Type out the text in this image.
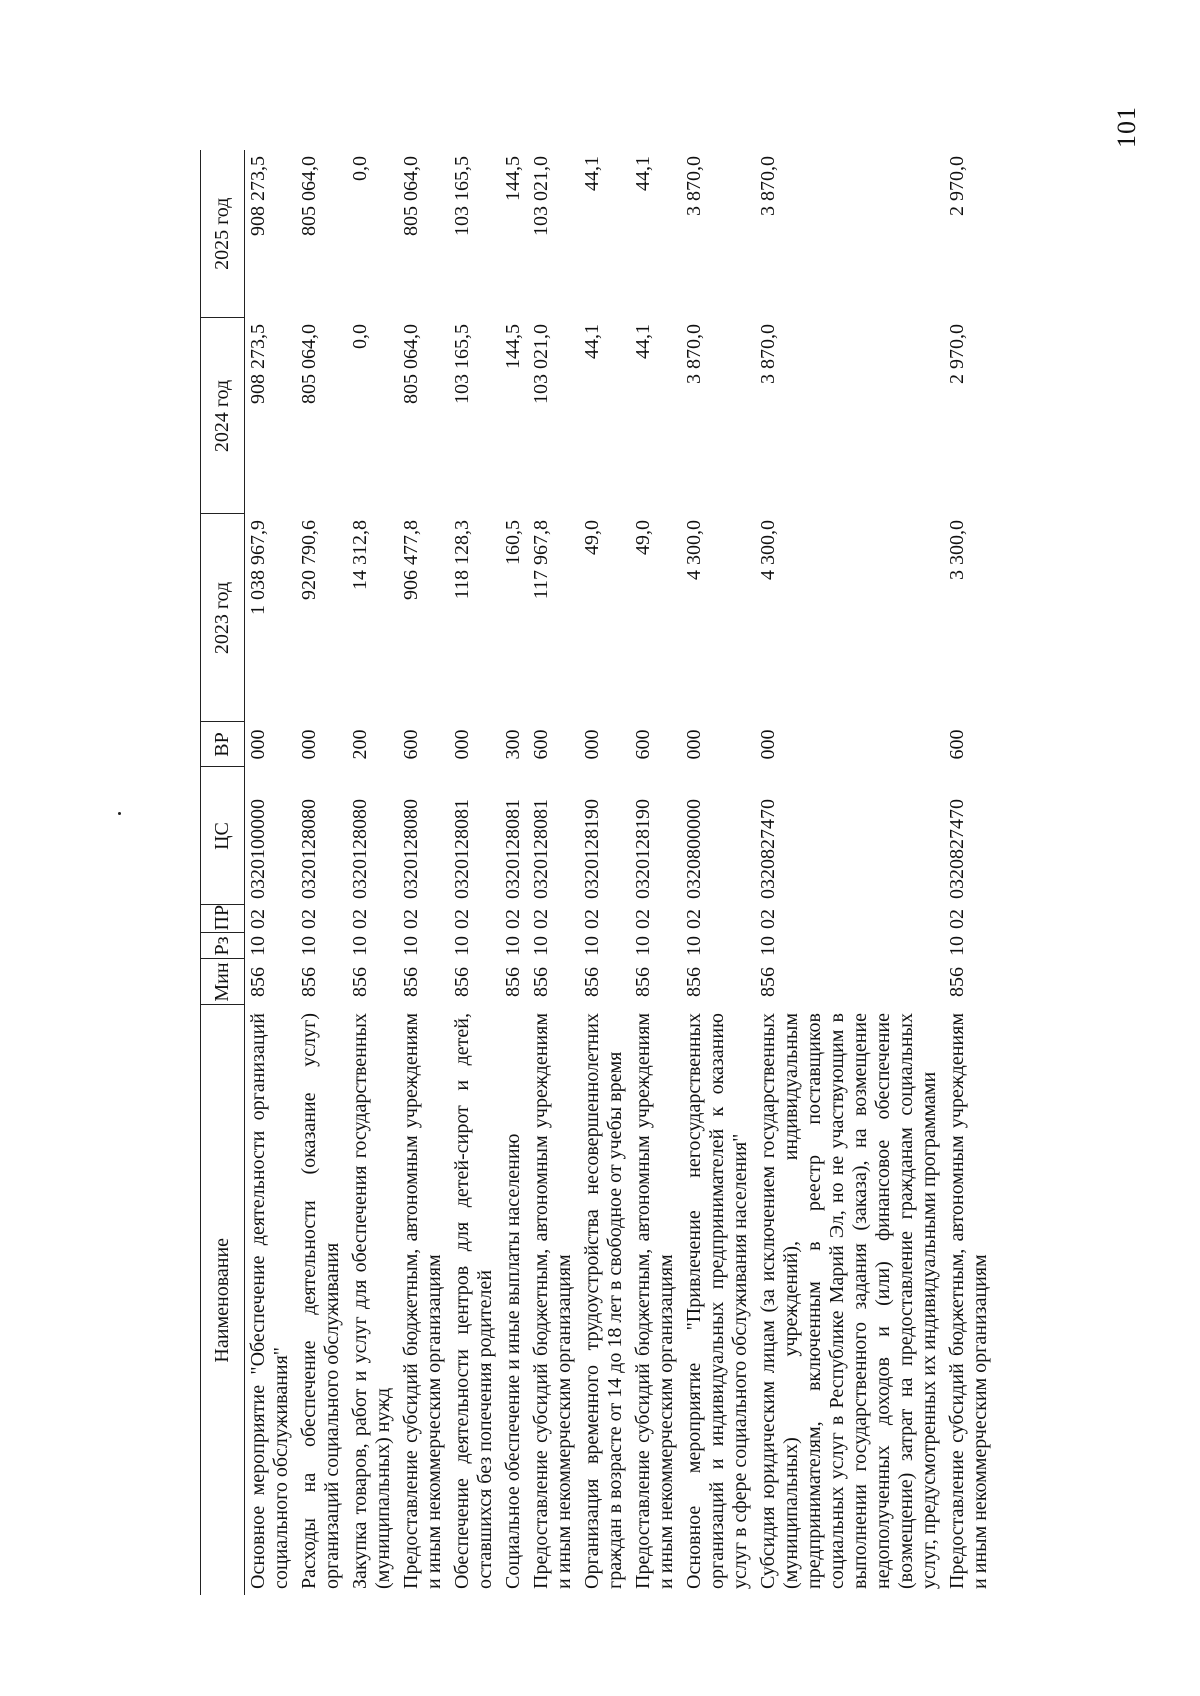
101
Наименование	Мин	Рз	ПР	ЦС	ВР	2023 год	2024 год	2025 год
Основное мероприятие "Обеспечение деятельности организаций социального обслуживания"	856	10	02	0320100000	000	1 038 967,9	908 273,5	908 273,5
Расходы на обеспечение деятельности (оказание услуг) организаций социального обслуживания	856	10	02	0320128080	000	920 790,6	805 064,0	805 064,0
Закупка товаров, работ и услуг для обеспечения государственных (муниципальных) нужд	856	10	02	0320128080	200	14 312,8	0,0	0,0
Предоставление субсидий бюджетным, автономным учреждениям и иным некоммерческим организациям	856	10	02	0320128080	600	906 477,8	805 064,0	805 064,0
Обеспечение деятельности центров для детей-сирот и детей, оставшихся без попечения родителей	856	10	02	0320128081	000	118 128,3	103 165,5	103 165,5
Социальное обеспечение и иные выплаты населению	856	10	02	0320128081	300	160,5	144,5	144,5
Предоставление субсидий бюджетным, автономным учреждениям и иным некоммерческим организациям	856	10	02	0320128081	600	117 967,8	103 021,0	103 021,0
Организация временного трудоустройства несовершеннолетних граждан в возрасте от 14 до 18 лет в свободное от учебы время	856	10	02	0320128190	000	49,0	44,1	44,1
Предоставление субсидий бюджетным, автономным учреждениям и иным некоммерческим организациям	856	10	02	0320128190	600	49,0	44,1	44,1
Основное мероприятие "Привлечение негосударственных организаций и индивидуальных предпринимателей к оказанию услуг в сфере социального обслуживания населения"	856	10	02	0320800000	000	4 300,0	3 870,0	3 870,0
Субсидия юридическим лицам (за исключением государственных (муниципальных) учреждений), индивидуальным предпринимателям, включенным в реестр поставщиков социальных услуг в Республике Марий Эл, но не участвующим в выполнении государственного задания (заказа), на возмещение недополученных доходов и (или) финансовое обеспечение (возмещение) затрат на предоставление гражданам социальных услуг, предусмотренных их индивидуальными программами	856	10	02	0320827470	000	4 300,0	3 870,0	3 870,0
Предоставление субсидий бюджетным, автономным учреждениям и иным некоммерческим организациям	856	10	02	0320827470	600	3 300,0	2 970,0	2 970,0
